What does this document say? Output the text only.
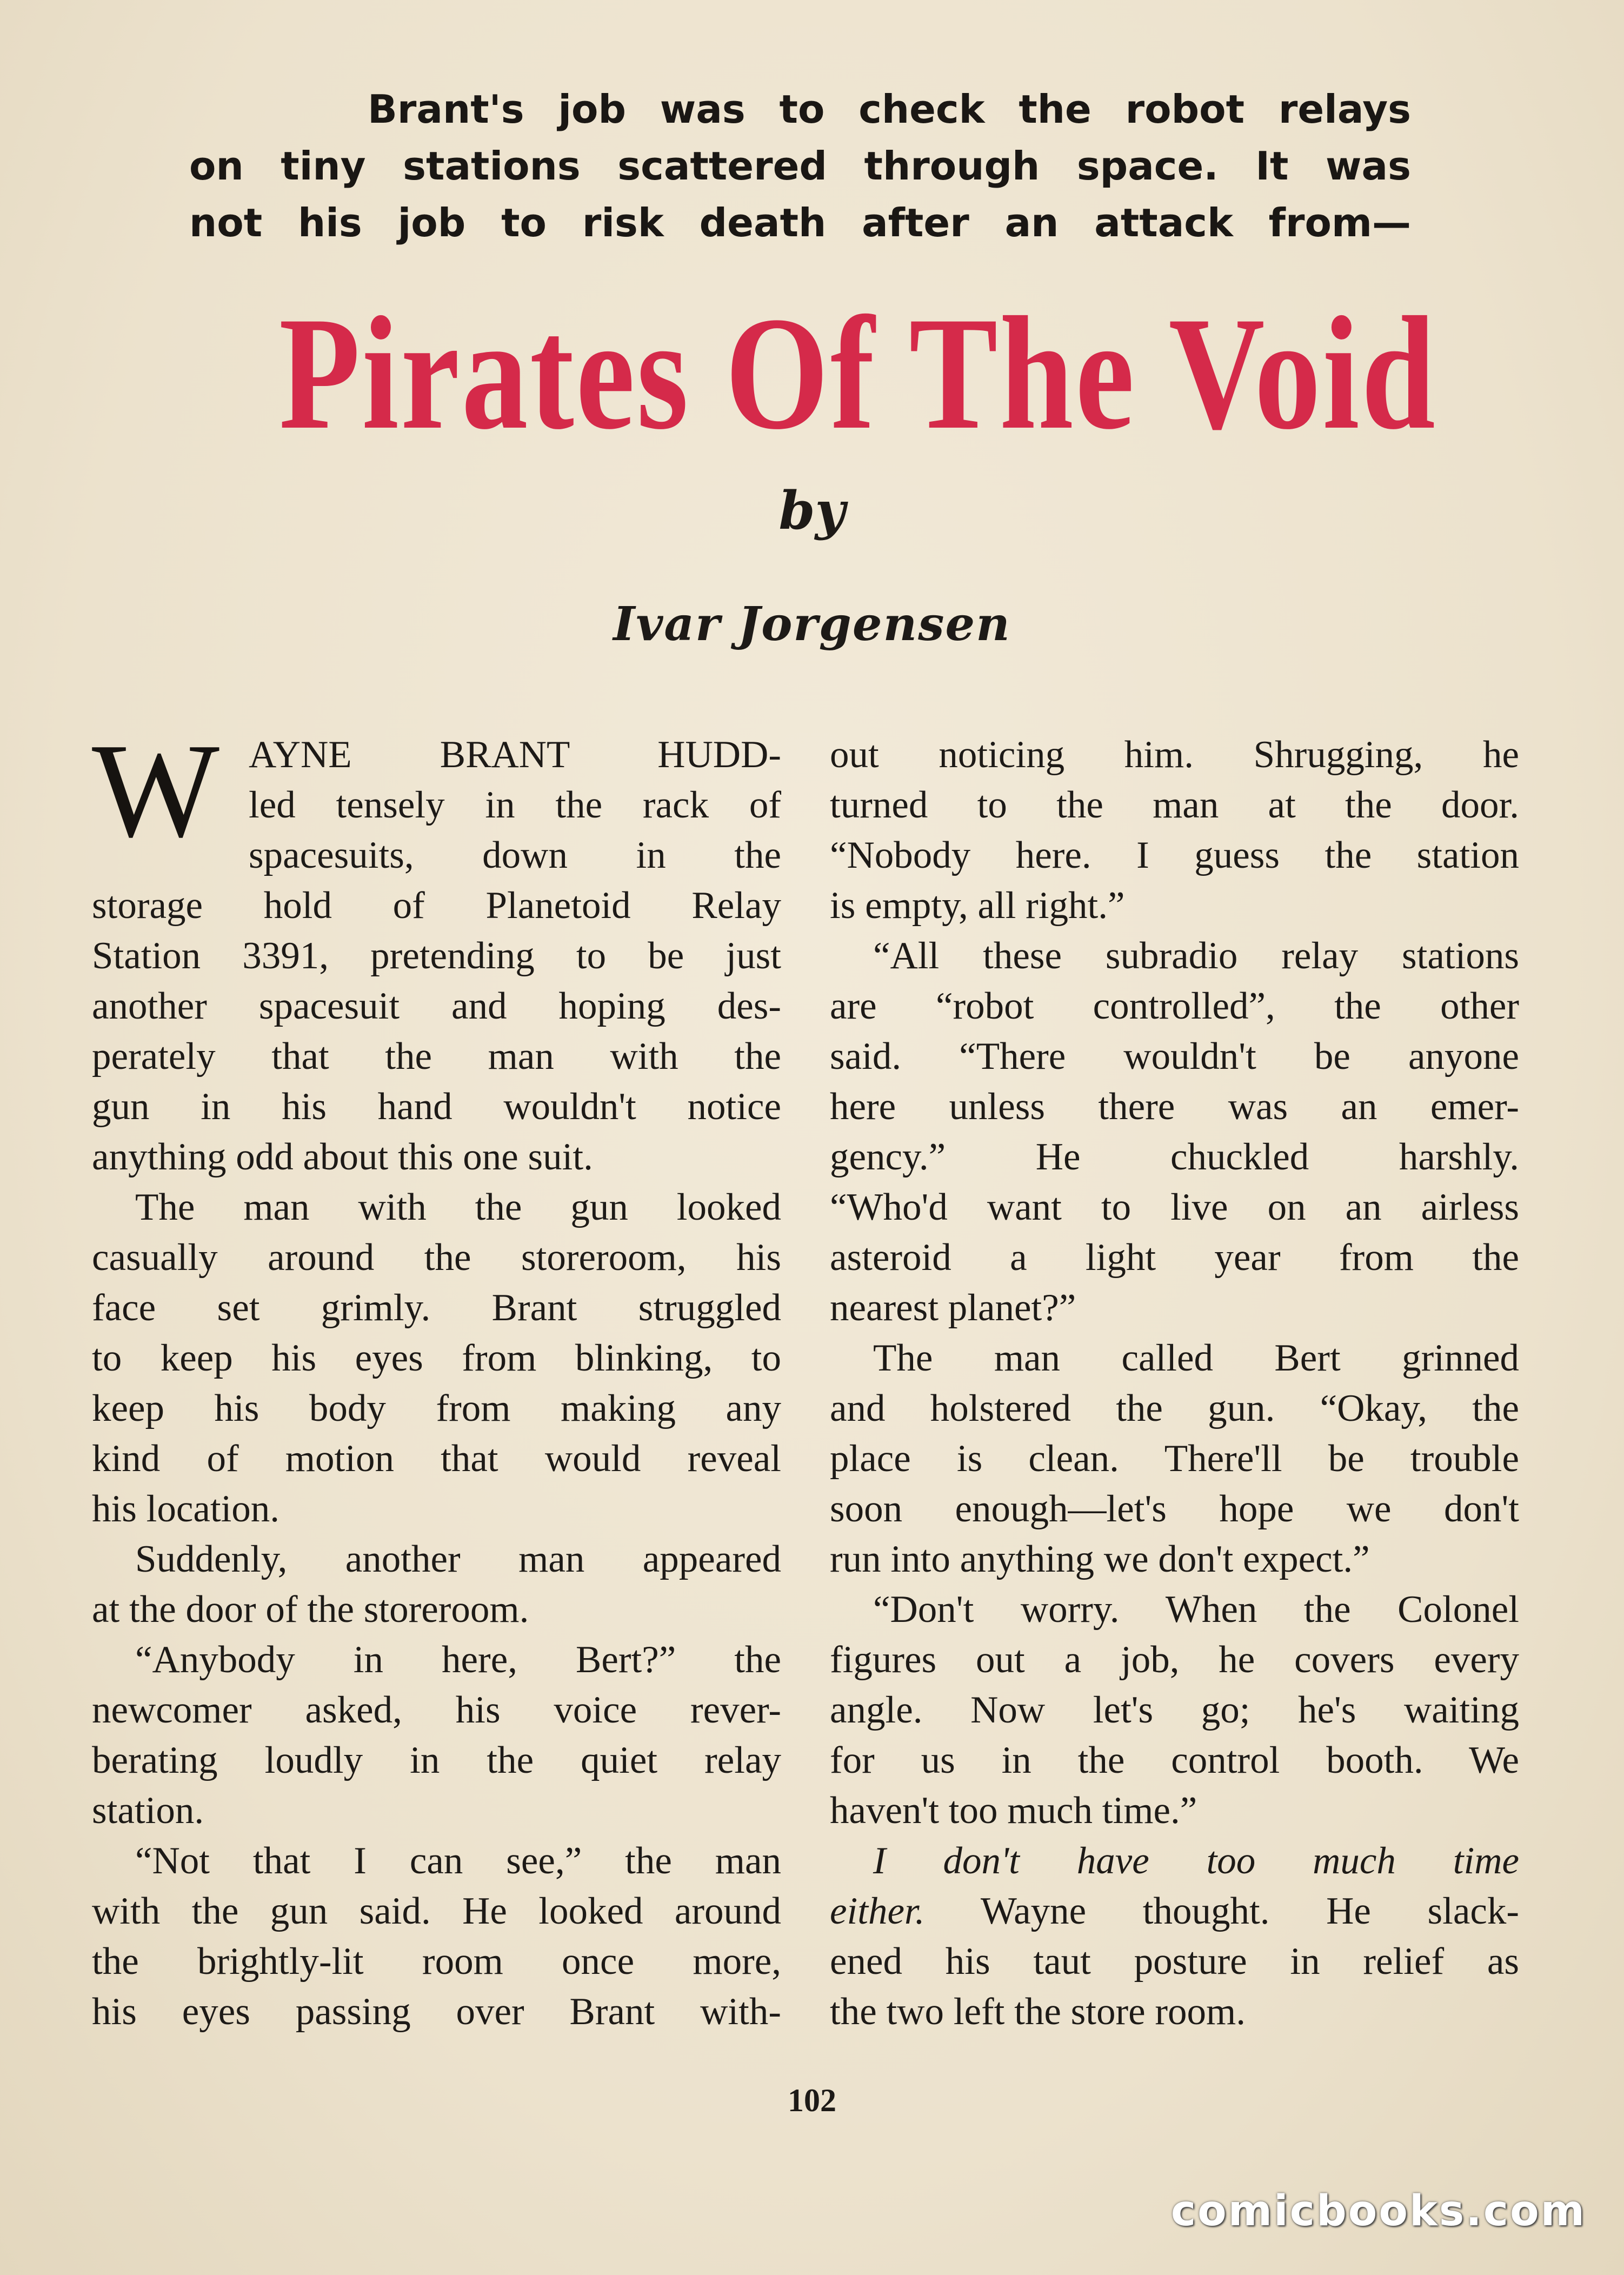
Brant's job was to check the robot relays
on tiny stations scattered through space. It was
not his job to risk death after an attack from—
Pirates Of The Void
by
Ivar Jorgensen
W AYNE BRANT HUDD-
led tensely in the rack of
spacesuits, down in the
storage hold of Planetoid Relay
Station 3391, pretending to be just
another spacesuit and hoping des-
perately that the man with the
gun in his hand wouldn't notice
anything odd about this one suit.
The man with the gun looked
casually around the storeroom, his
face set grimly. Brant struggled
to keep his eyes from blinking, to
keep his body from making any
kind of motion that would reveal
his location.
Suddenly, another man appeared
at the door of the storeroom.
“Anybody in here, Bert?” the
newcomer asked, his voice rever-
berating loudly in the quiet relay
station.
“Not that I can see,” the man
with the gun said. He looked around
the brightly-lit room once more,
his eyes passing over Brant with-
out noticing him. Shrugging, he
turned to the man at the door.
“Nobody here. I guess the station
is empty, all right.”
“All these subradio relay stations
are “robot controlled”, the other
said. “There wouldn't be anyone
here unless there was an emer-
gency.” He chuckled harshly.
“Who'd want to live on an airless
asteroid a light year from the
nearest planet?”
The man called Bert grinned
and holstered the gun. “Okay, the
place is clean. There'll be trouble
soon enough—let's hope we don't
run into anything we don't expect.”
“Don't worry. When the Colonel
figures out a job, he covers every
angle. Now let's go; he's waiting
for us in the control booth. We
haven't too much time.”
I don't have too much time
either. Wayne thought. He slack-
ened his taut posture in relief as
the two left the store room.
102
comicbooks.com
